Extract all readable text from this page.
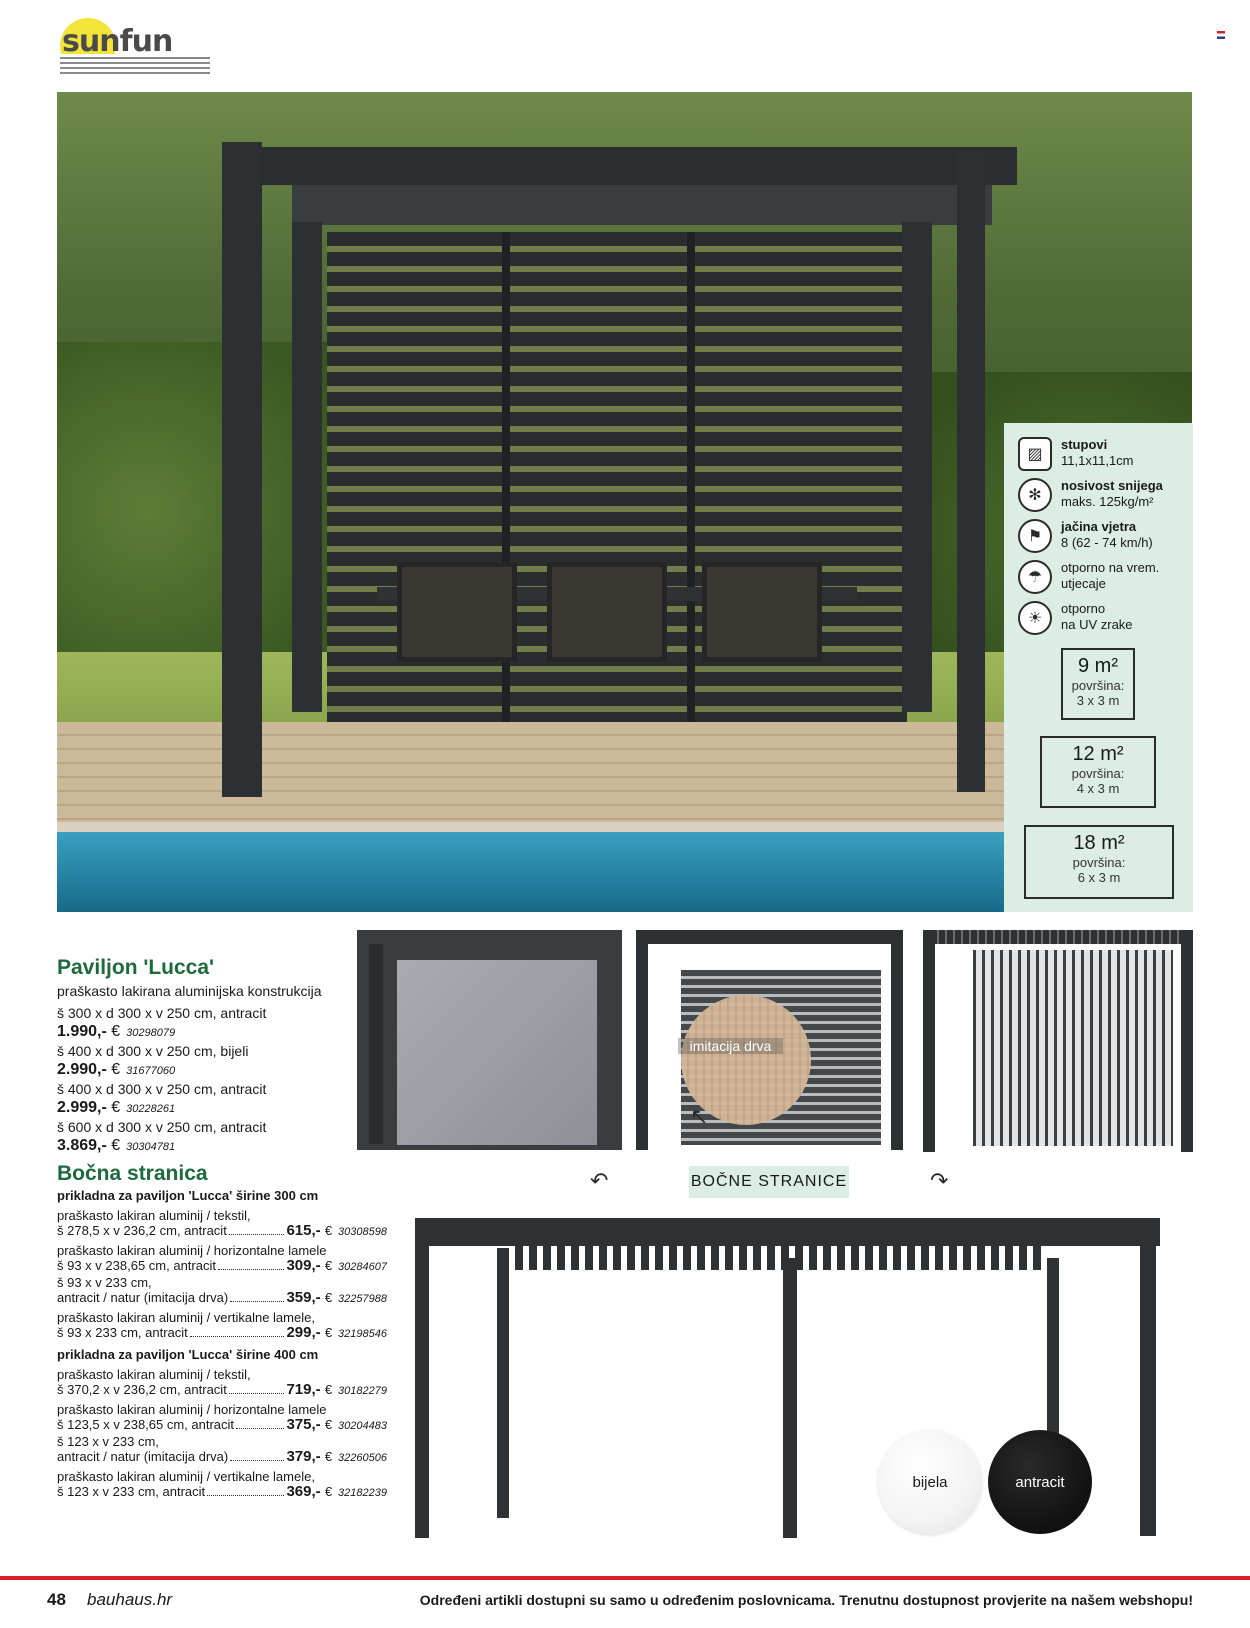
sunfun
▨
stupovi
11,1x11,1cm
✻
nosivost snijega
maks. 125kg/m²
⚑
jačina vjetra
8 (62 - 74 km/h)
☂
otporno na vrem.
utjecaje
☀
otporno
na UV zrake
9 m²
površina:
3 x 3 m
12 m²
površina:
4 x 3 m
18 m²
površina:
6 x 3 m
Paviljon 'Lucca'
praškasto lakirana aluminijska konstrukcija
š 300 x d 300 x v 250 cm, antracit
1.990,- € 30298079
š 400 x d 300 x v 250 cm, bijeli
2.990,- € 31677060
š 400 x d 300 x v 250 cm, antracit
2.999,- € 30228261
š 600 x d 300 x v 250 cm, antracit
3.869,- € 30304781
Bočna stranica
prikladna za paviljon 'Lucca' širine 300 cm
praškasto lakiran aluminij / tekstil,
š 278,5 x v 236,2 cm, antracit	615,- € 30308598
praškasto lakiran aluminij / horizontalne lamele
š 93 x v 238,65 cm, antracit	309,- € 30284607
š 93 x v 233 cm,
antracit / natur (imitacija drva)	359,- € 32257988
praškasto lakiran aluminij / vertikalne lamele,
š 93 x 233 cm, antracit	299,- € 32198546
prikladna za paviljon 'Lucca' širine 400 cm
praškasto lakiran aluminij / tekstil,
š 370,2 x v 236,2 cm, antracit	719,- € 30182279
praškasto lakiran aluminij / horizontalne lamele
š 123,5 x v 238,65 cm, antracit	375,- € 30204483
š 123 x v 233 cm,
antracit / natur (imitacija drva)	379,- € 32260506
praškasto lakiran aluminij / vertikalne lamele,
š 123 x v 233 cm, antracit	369,- € 32182239
imitacija drva
BOČNE STRANICE
↶	↷
↖
bijela	antracit
48 bauhaus.hr	Određeni artikli dostupni su samo u određenim poslovnicama. Trenutnu dostupnost provjerite na našem webshopu!
